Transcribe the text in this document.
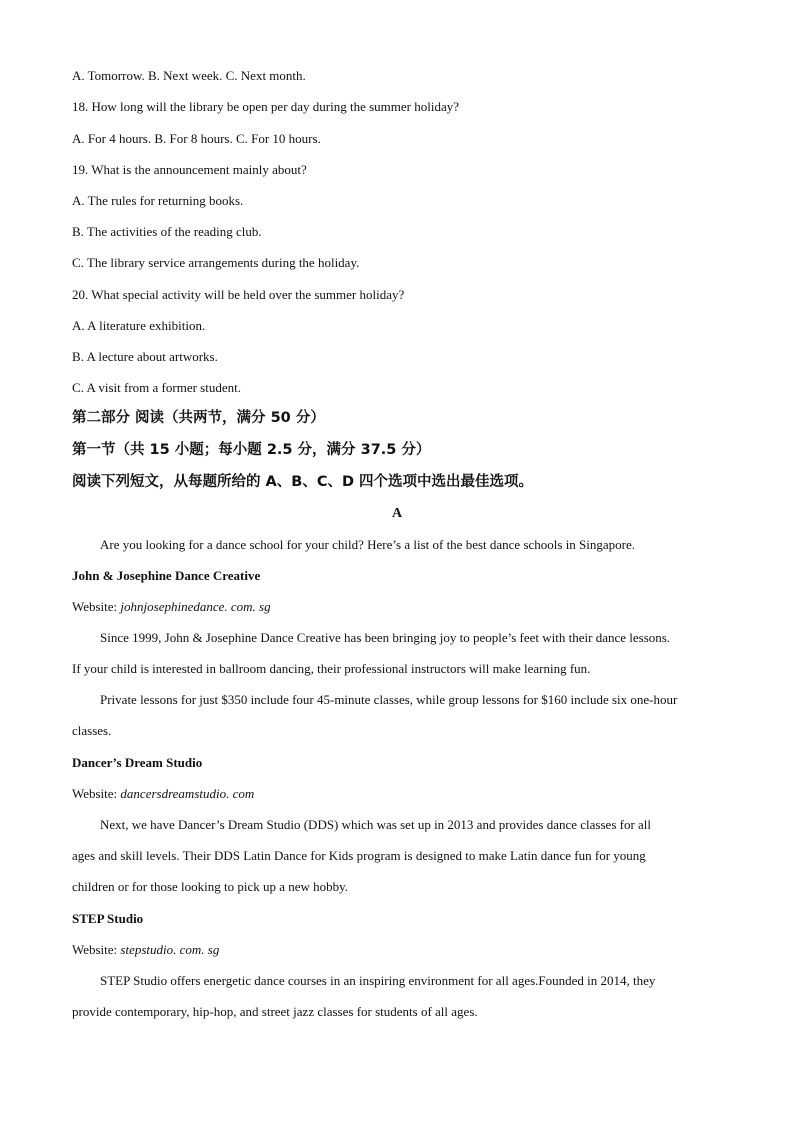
A. Tomorrow. B. Next week. C. Next month.
18. How long will the library be open per day during the summer holiday?
A. For 4 hours. B. For 8 hours. C. For 10 hours.
19. What is the announcement mainly about?
A. The rules for returning books.
B. The activities of the reading club.
C. The library service arrangements during the holiday.
20. What special activity will be held over the summer holiday?
A. A literature exhibition.
B. A lecture about artworks.
C. A visit from a former student.
第二部分 阅读（共两节，满分 50 分）
第一节（共 15 小题；每小题 2.5 分，满分 37.5 分）
阅读下列短文，从每题所给的 A、B、C、D 四个选项中选出最佳选项。
A
Are you looking for a dance school for your child? Here’s a list of the best dance schools in Singapore.
John & Josephine Dance Creative
Website: johnjosephinedance. com. sg
Since 1999, John & Josephine Dance Creative has been bringing joy to people’s feet with their dance lessons.
If your child is interested in ballroom dancing, their professional instructors will make learning fun.
Private lessons for just $350 include four 45-minute classes, while group lessons for $160 include six one-hour
classes.
Dancer’s Dream Studio
Website: dancersdreamstudio. com
Next, we have Dancer’s Dream Studio (DDS) which was set up in 2013 and provides dance classes for all
ages and skill levels. Their DDS Latin Dance for Kids program is designed to make Latin dance fun for young
children or for those looking to pick up a new hobby.
STEP Studio
Website: stepstudio. com. sg
STEP Studio offers energetic dance courses in an inspiring environment for all ages.Founded in 2014, they
provide contemporary, hip-hop, and street jazz classes for students of all ages.
